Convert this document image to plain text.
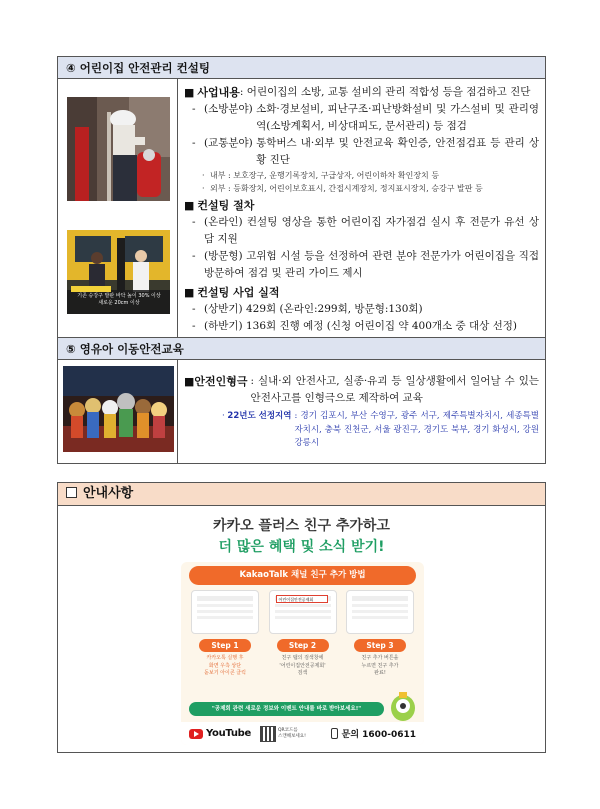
④ 어린이집 안전관리 컨설팅
기존 승강구 발판 바닥 높이 30% 이상
새로운 20cm 이상
■ 사업내용 : 어린이집의 소방, 교통 설비의 관리 적합성 등을 점검하고 진단
- (소방분야) 소화·경보설비, 피난구조·피난방화설비 및 가스설비 및 관리영역(소방계획서, 비상대피도, 문서관리) 등 점검
- (교통분야) 통학버스 내·외부 및 안전교육 확인증, 안전점검표 등 관리 상황 진단
· 내부 : 보호장구, 운행기록장치, 구급상자, 어린이하차 확인장치 등
· 외부 : 등화장치, 어린이보호표시, 간접시계장치, 정지표시장치, 승강구 발판 등
■ 컨설팅 절차
- (온라인) 컨설팅 영상을 통한 어린이집 자가점검 실시 후 전문가 유선 상담 지원
- (방문형) 고위험 시설 등을 선정하여 관련 분야 전문가가 어린이집을 직접 방문하여 점검 및 관리 가이드 제시
■ 컨설팅 사업 실적
- (상반기) 429회 (온라인:299회, 방문형:130회)
- (하반기) 136회 진행 예정 (신청 어린이집 약 400개소 중 대상 선정)
⑤ 영유아 이동안전교육
■안전인형극 : 실내·외 안전사고, 실종·유괴 등 일상생활에서 일어날 수 있는 안전사고를 인형극으로 제작하여 교육
· 22년도 선정지역 : 경기 김포시, 부산 수영구, 광주 서구, 제주특별자치시, 세종특별자치시, 충북 진천군, 서울 광진구, 경기도 북부, 경기 화성시, 강원 강릉시
안내사항
카카오 플러스 친구 추가하고
더 많은 혜택 및 소식 받기!
KakaoTalk 채널 친구 추가 방법
Step 1
카카오톡 실행 후
화면 우측 상단
돋보기 아이콘 클릭
어린이집안전공제회
Step 2
친구 탭의 검색창에
'어린이집안전공제회'
검색
Step 3
친구 추가 버튼을
누르면 친구 추가
완료!
"공제회 관련 새로운 정보와 이벤트 안내를 바로 받아보세요!"
YouTube	QR코드를
스캔해보세요!	문의 1600-0611
